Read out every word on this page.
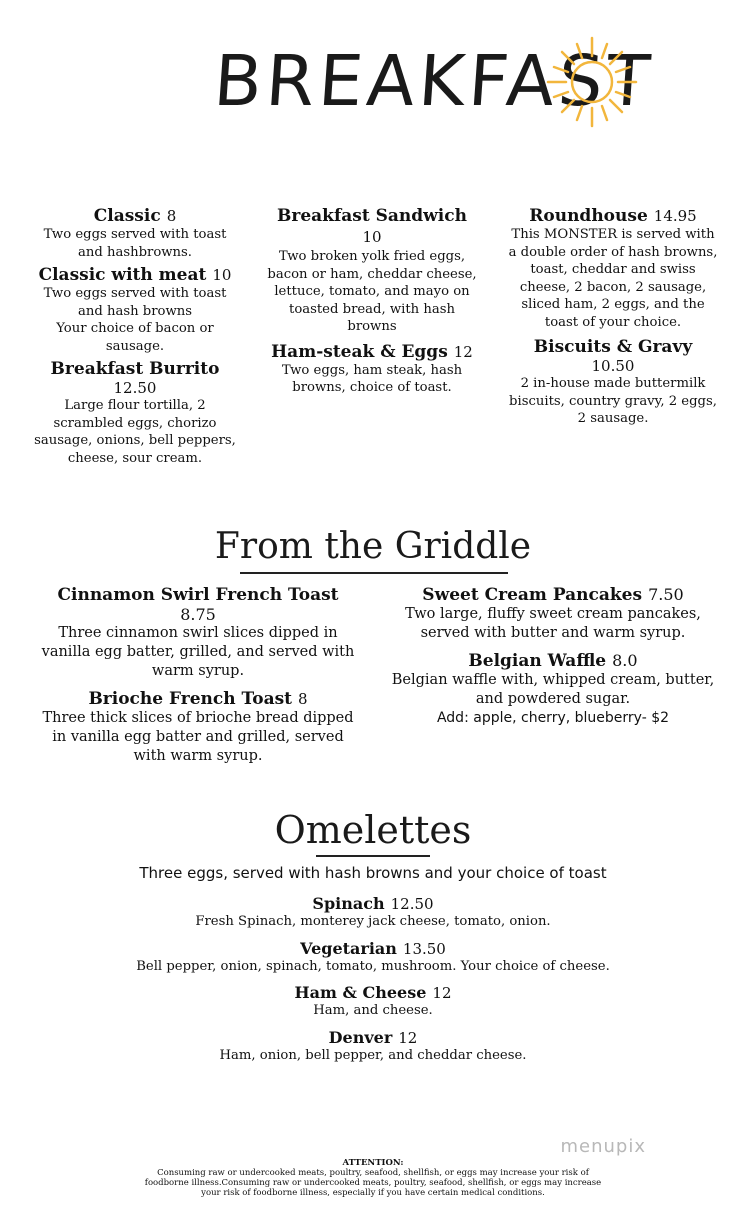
BREAKFAST
Classic 8
Two eggs served with toast
and hashbrowns.
Classic with meat 10
Two eggs served with toast
and hash browns
Your choice of bacon or
sausage.
Breakfast Burrito
12.50
Large flour tortilla, 2
scrambled eggs, chorizo
sausage, onions, bell peppers,
cheese, sour cream.
Breakfast Sandwich
10
Two broken yolk fried eggs,
bacon or ham, cheddar cheese,
lettuce, tomato, and mayo on
toasted bread, with hash
browns
Ham-steak & Eggs 12
Two eggs, ham steak, hash
browns, choice of toast.
Roundhouse 14.95
This MONSTER is served with
a double order of hash browns,
toast, cheddar and swiss
cheese, 2 bacon, 2 sausage,
sliced ham, 2 eggs, and the
toast of your choice.
Biscuits & Gravy
10.50
2 in-house made buttermilk
biscuits, country gravy, 2 eggs,
2 sausage.
From the Griddle
Cinnamon Swirl French Toast
8.75
Three cinnamon swirl slices dipped in
vanilla egg batter, grilled, and served with
warm syrup.
Brioche French Toast 8
Three thick slices of brioche bread dipped
in vanilla egg batter and grilled, served
with warm syrup.
Sweet Cream Pancakes 7.50
Two large, fluffy sweet cream pancakes,
served with butter and warm syrup.
Belgian Waffle 8.0
Belgian waffle with, whipped cream, butter,
and powdered sugar.
Add: apple, cherry, blueberry- $2
Omelettes
Three eggs, served with hash browns and your choice of toast
Spinach 12.50
Fresh Spinach, monterey jack cheese, tomato, onion.
Vegetarian 13.50
Bell pepper, onion, spinach, tomato, mushroom. Your choice of cheese.
Ham & Cheese 12
Ham, and cheese.
Denver 12
Ham, onion, bell pepper, and cheddar cheese.
menupix
ATTENTION:
Consuming raw or undercooked meats, poultry, seafood, shellfish, or eggs may increase your risk of
foodborne illness.Consuming raw or undercooked meats, poultry, seafood, shellfish, or eggs may increase
your risk of foodborne illness, especially if you have certain medical conditions.
